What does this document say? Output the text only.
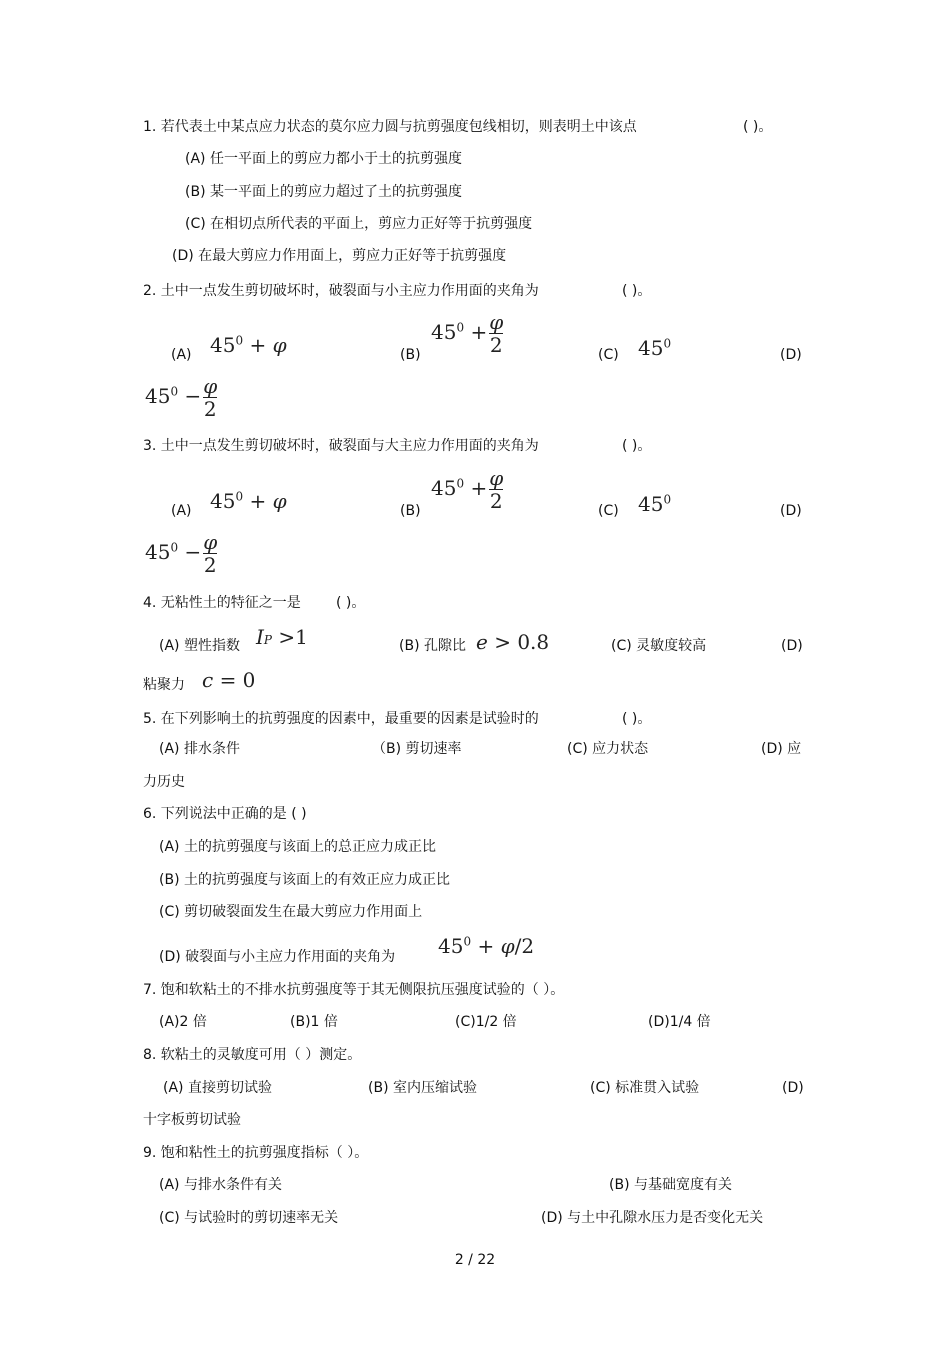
1. 若代表土中某点应力状态的莫尔应力圆与抗剪强度包线相切，则表明土中该点	( )。
(A) 任一平面上的剪应力都小于土的抗剪强度
(B) 某一平面上的剪应力超过了土的抗剪强度
(C) 在相切点所代表的平面上，剪应力正好等于抗剪强度
(D) 在最大剪应力作用面上，剪应力正好等于抗剪强度
2. 土中一点发生剪切破坏时，破裂面与小主应力作用面的夹角为	( )。
(A) $45^0 + \varphi$	(B)
$45^0 + \frac{\varphi}{2}$	(C) $45^0$
(D)
$45^0 - \frac{\varphi}{2}$
3. 土中一点发生剪切破坏时，破裂面与大主应力作用面的夹角为	( )。
(A) $45^0 + \varphi$	(B)
$45^0 + \frac{\varphi}{2}$	(C) $45^0$
(D)
$45^0 - \frac{\varphi}{2}$
4. 无粘性土的特征之一是	( )。
(A) 塑性指数 IP >1	(B) 孔隙比 e > 0.8	(C) 灵敏度较高	(D)
粘聚力 c = 0
5. 在下列影响土的抗剪强度的因素中，最重要的因素是试验时的	( )。
(A) 排水条件	（B) 剪切速率	(C) 应力状态	(D) 应
力历史
6. 下列说法中正确的是 ( )
(A) 土的抗剪强度与该面上的总正应力成正比
(B) 土的抗剪强度与该面上的有效正应力成正比
(C) 剪切破裂面发生在最大剪应力作用面上
(D) 破裂面与小主应力作用面的夹角为 $45^0 + \varphi/2$
7. 饱和软粘土的不排水抗剪强度等于其无侧限抗压强度试验的（ ）。
(A)2 倍	(B)1 倍	(C)1/2 倍	(D)1/4 倍
8. 软粘土的灵敏度可用（ ）测定。
(A) 直接剪切试验	(B) 室内压缩试验	(C) 标准贯入试验	(D)
十字板剪切试验
9. 饱和粘性土的抗剪强度指标（ ）。
(A) 与排水条件有关	(B) 与基础宽度有关
(C) 与试验时的剪切速率无关	(D) 与土中孔隙水压力是否变化无关
2 / 22
